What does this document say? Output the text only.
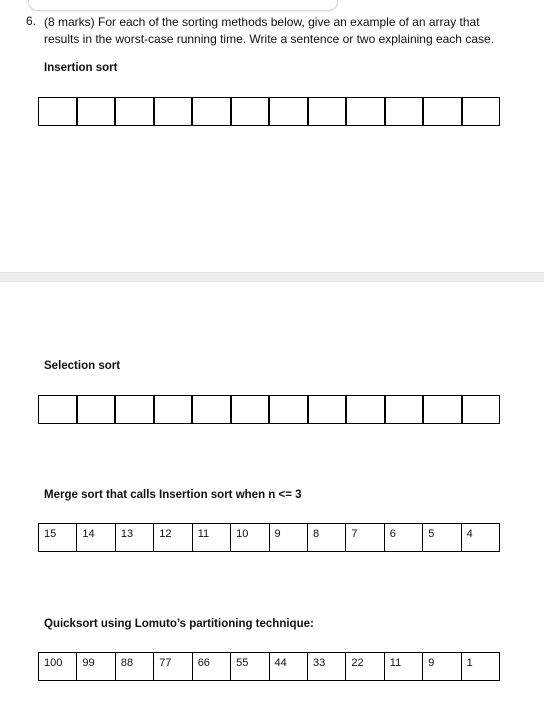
6. (8 marks) For each of the sorting methods below, give an example of an array that results in the worst-case running time. Write a sentence or two explaining each case.
Insertion sort
Selection sort
Merge sort that calls Insertion sort when n <= 3
15 14 13 12 11 10 9	8	7	6	5	4
Quicksort using Lomuto’s partitioning technique:
100 99 88 77 66 55 44 33 22 11 9	1
